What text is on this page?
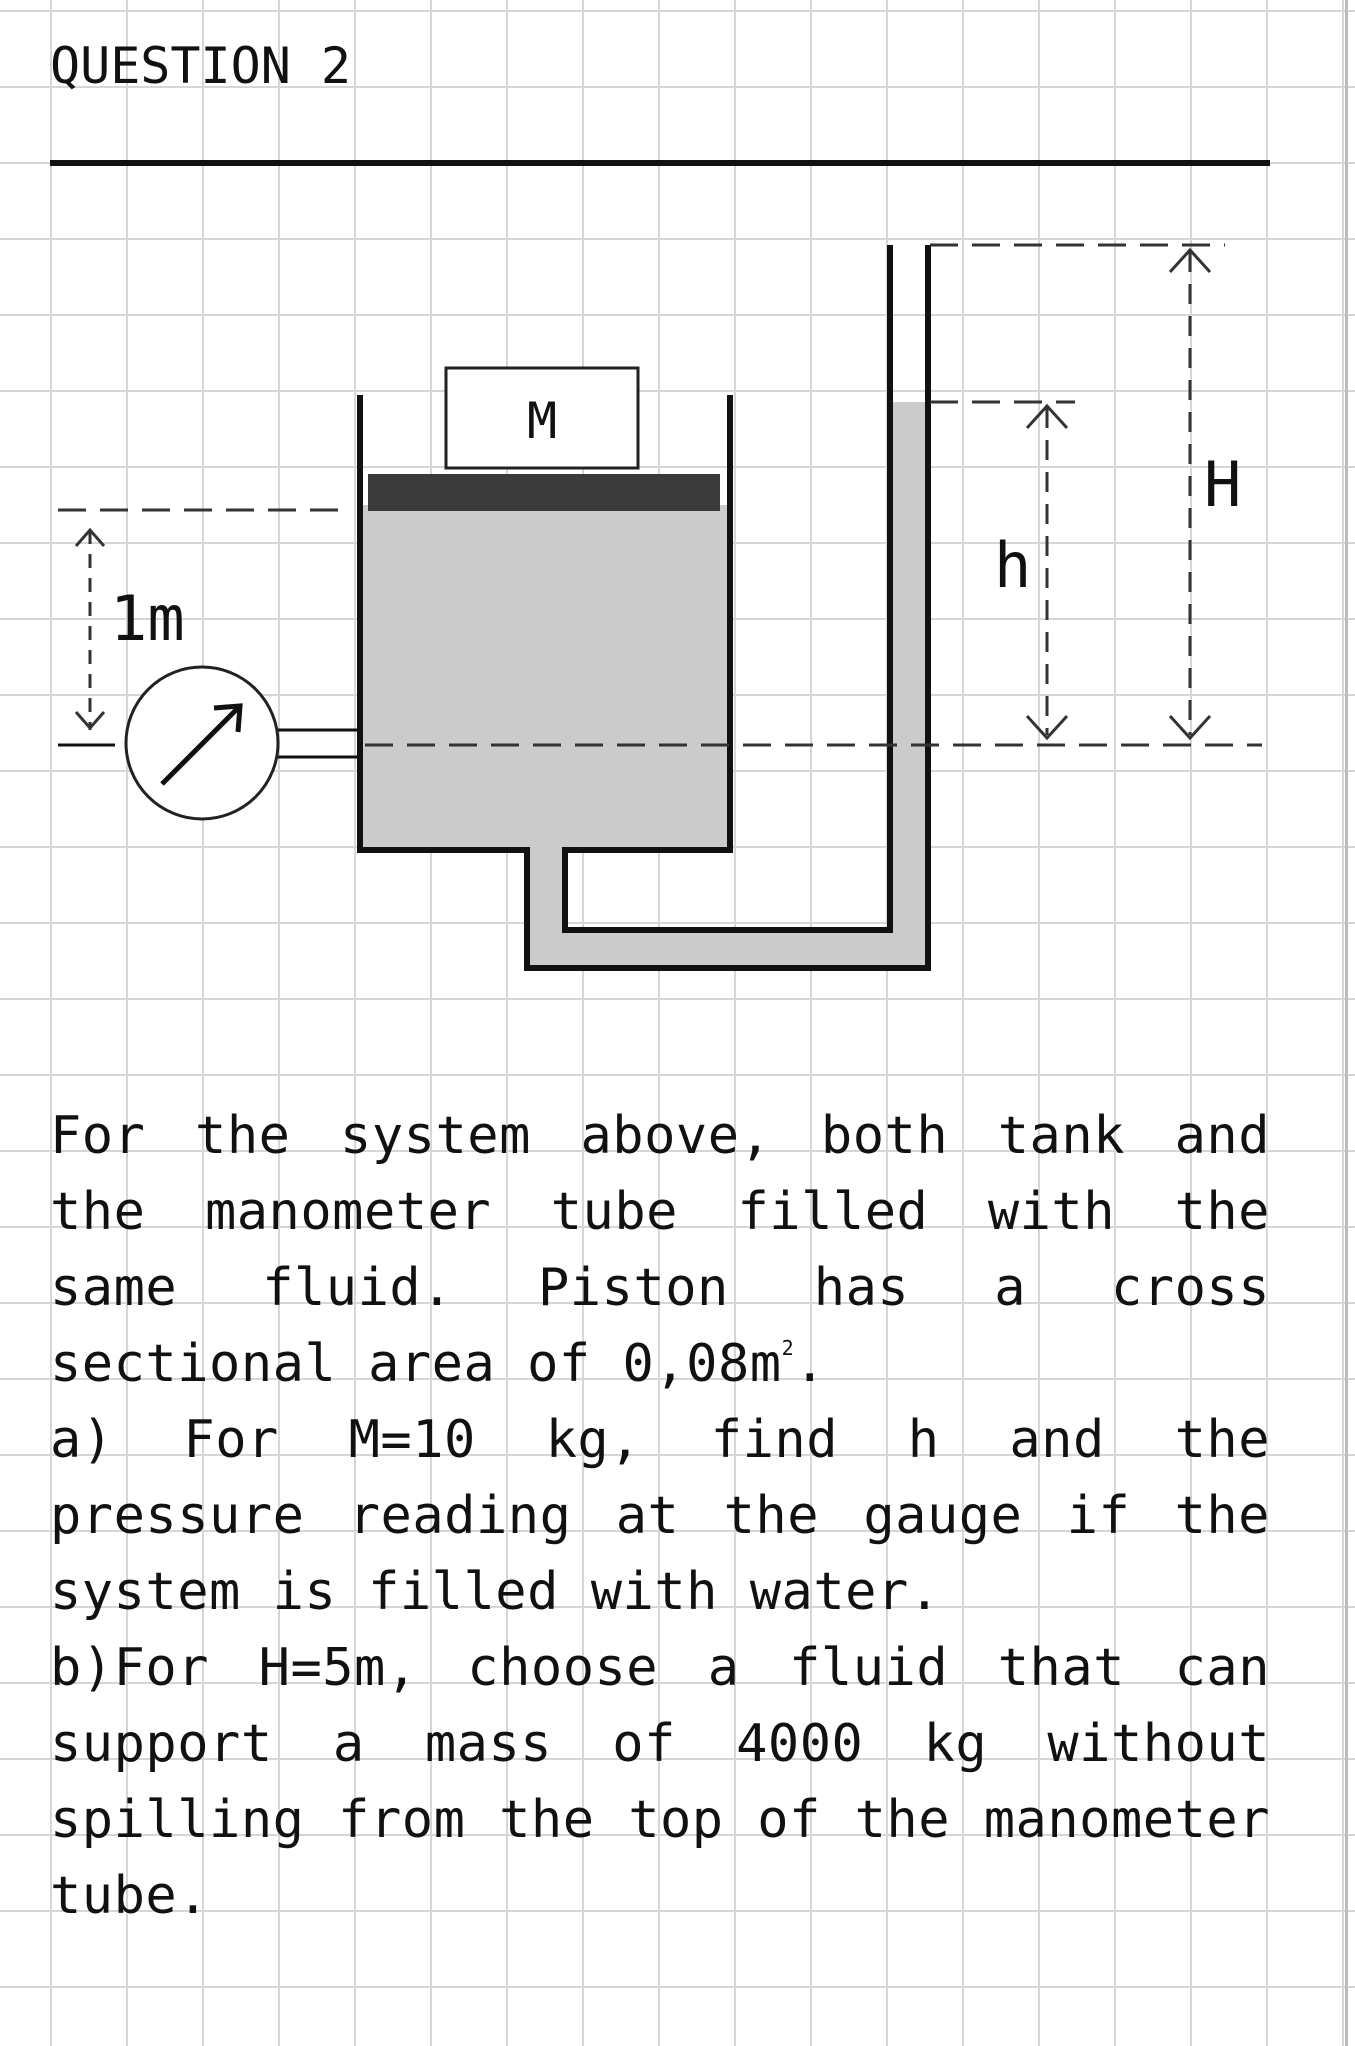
QUESTION 2
M
1m
h
H

For the system above, both tank and the manometer tube filled with the same fluid. Piston has a cross sectional area of $0,08m^2$.

a) For M=10 kg, find h and the pressure reading at the gauge if the system is filled with water.

b)For H=5m, choose a fluid that can support a mass of 4000 kg without spilling from the top of the manometer tube.
